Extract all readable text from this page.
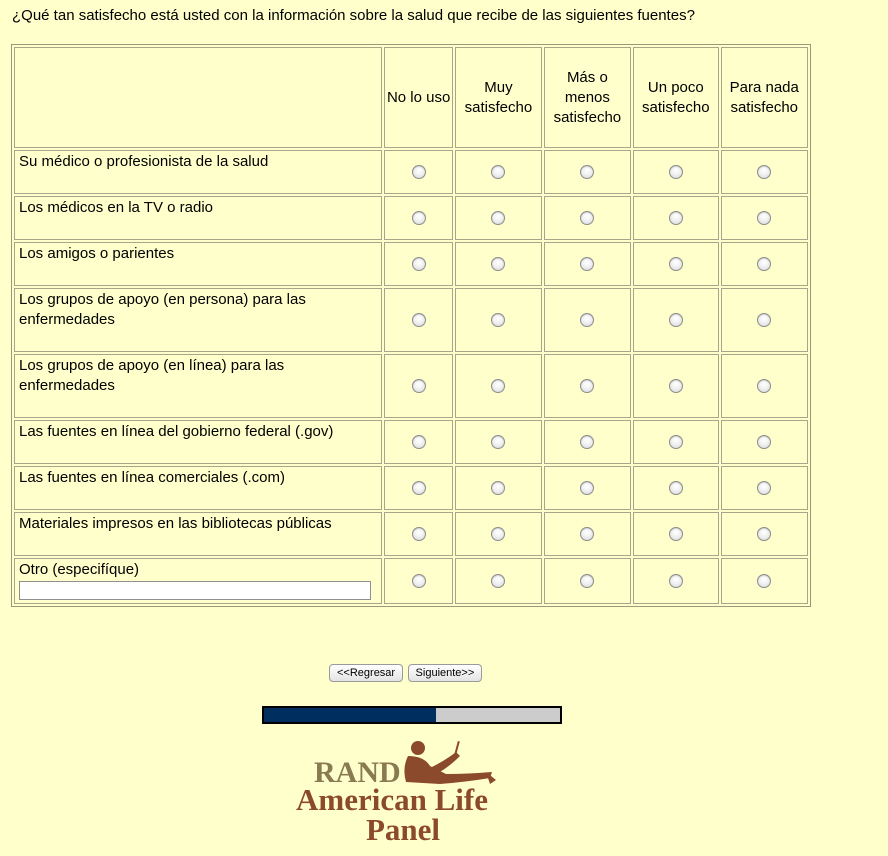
¿Qué tan satisfecho está usted con la información sobre la salud que recibe de las siguientes fuentes?
	No lo uso	Muy satisfecho	Más o menos satisfecho	Un poco satisfecho	Para nada satisfecho
Su médico o profesionista de la salud					
Los médicos en la TV o radio					
Los amigos o parientes					
Los grupos de apoyo (en persona) para las enfermedades					
Los grupos de apoyo (en línea) para las enfermedades					
Las fuentes en línea del gobierno federal (.gov)					
Las fuentes en línea comerciales (.com)					
Materiales impresos en las bibliotecas públicas					

Otro (especifíque)					

<<Regresar Siguiente>>
RAND
American Life
Panel
